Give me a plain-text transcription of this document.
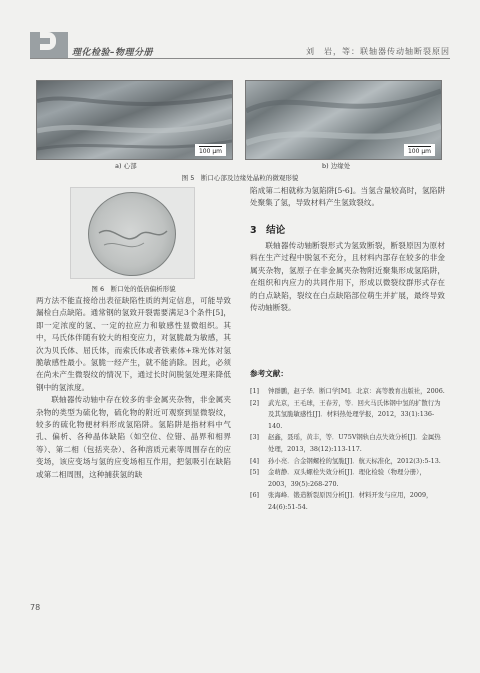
理化检验–物理分册	刘　岩，等：联轴器传动轴断裂原因
100 μm	100 μm
a) 心部	b) 边缘处
图 5　断口心部及边缘处晶粒的微观形貌
图 6　断口处的低倍偏析形貌

两方法不能直接给出表征缺陷性质的判定信息，可能导致漏检白点缺陷。通常钢的氢致开裂需要满足3个条件[5]，即一定浓度的氢、一定的拉应力和敏感性显微组织。其中，马氏体伴随有较大的相变应力，对氢脆最为敏感，其次为贝氏体、屈氏体，而索氏体或者铁素体+珠光体对氢脆敏感性最小。氢脆一经产生，就不能消除。因此，必须在尚未产生微裂纹的情况下，通过长时间脱氢处理来降低钢中的氢浓度。

联轴器传动轴中存在较多的非金属夹杂物，非金属夹杂物的类型为硫化物，硫化物的附近可观察到显微裂纹，较多的硫化物便材料形成氢陷阱。氢陷阱是指材料中气孔、偏析、各种晶体缺陷（如空位、位错、晶界和相界等）、第二相（包括夹杂）、各种溶质元素等周围存在的应变场，该应变场与氢的应变场相互作用，把氢吸引在缺陷或第二相周围，这种捕获氢的缺

陷成第二相就称为氢陷阱[5-6]。当氢含量较高时，氢陷阱处聚集了氢，导致材料产生氢致裂纹。

3　结论

联轴器传动轴断裂形式为氢致断裂，断裂原因为原材料在生产过程中脱氢不充分，且材料内部存在较多的非金属夹杂物，氢原子在非金属夹杂物附近聚集形成氢陷阱，在组织和内应力的共同作用下，形成以微裂纹群形式存在的白点缺陷，裂纹在白点缺陷部位萌生并扩展，最终导致传动轴断裂。

参考文献：
[1]	钟群鹏，赵子华．断口学[M]．北京：高等教育出版社，2006.
[2]	武光京，王毛球，王春芳，等．回火马氏体钢中氢的扩散行为及其氢脆敏感性[J]．材料热处理学报，2012，33(1):136-140.
[3]	赵鑫，聂瑶，黄丰，等．U75V钢轨白点失效分析[J]．金属热处理，2013，38(12):113-117.
[4]	孙小亮．合金钢螺栓的氢脆[J]．航天标准化，2012(3):5-13.
[5]	金萌静．双头螺栓失效分析[J]．理化检验（物理分册），2003，39(5):268-270.
[6]	张海峰．锻造断裂原因分析[J]．材料开发与应用，2009，24(6):51-54.
78
